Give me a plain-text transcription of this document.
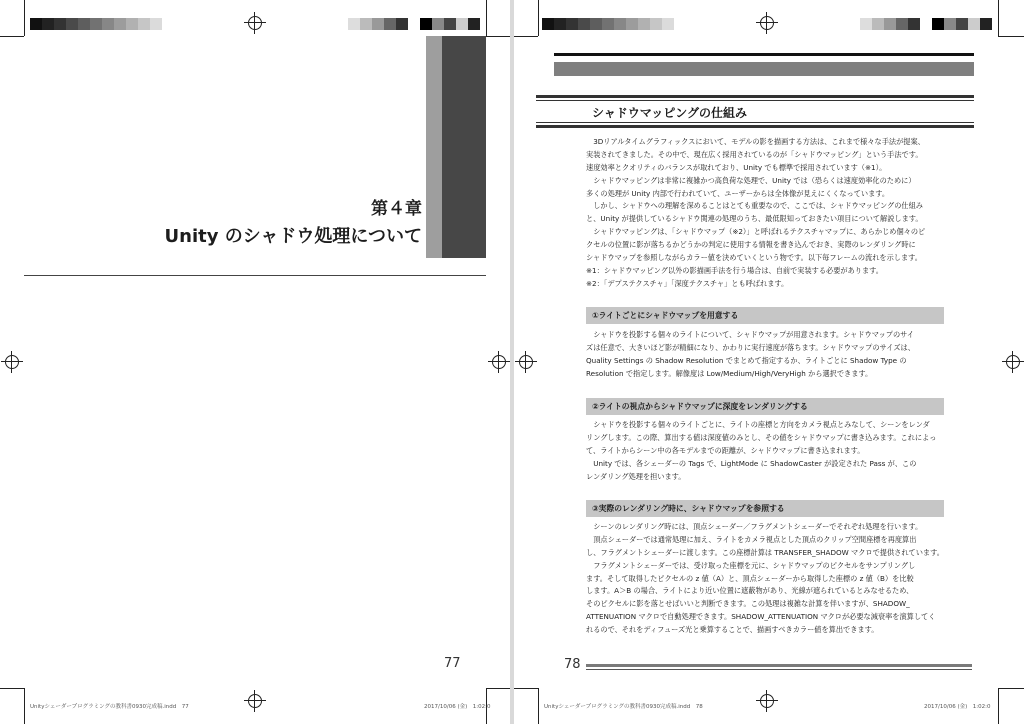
第４章
Unity のシャドウ処理について
77
Unityシェーダープログラミングの教科書0930完成稿.indd　77	2017/10/06 (金)　1:02:0
シャドウマッピングの仕組み

　3Dリアルタイムグラフィックスにおいて、モデルの影を描画する方法は、これまで様々な手法が提案、

実装されてきました。その中で、現在広く採用されているのが「シャドウマッピング」という手法です。

速度効率とクオリティのバランスが取れており、Unity でも標準で採用されています（※1）。

　シャドウマッピングは非常に複雑かつ高負荷な処理で、Unity では（恐らくは速度効率化のために）

多くの処理が Unity 内部で行われていて、ユーザーからは全体像が見えにくくなっています。

　しかし、シャドウへの理解を深めることはとても重要なので、ここでは、シャドウマッピングの仕組み

と、Unity が提供しているシャドウ関連の処理のうち、最低限知っておきたい項目について解説します。

　シャドウマッピングは、「シャドウマップ（※2）」と呼ばれるテクスチャマップに、あらかじめ個々のピ

クセルの位置に影が落ちるかどうかの判定に使用する情報を書き込んでおき、実際のレンダリング時に

シャドウマップを参照しながらカラー値を決めていくという物です。以下毎フレームの流れを示します。

※1：シャドウマッピング以外の影描画手法を行う場合は、自前で実装する必要があります。

※2：「デプステクスチャ」「深度テクスチャ」とも呼ばれます。

①ライトごとにシャドウマップを用意する

　シャドウを投影する個々のライトについて、シャドウマップが用意されます。シャドウマップのサイ

ズは任意で、大きいほど影が精細になり、かわりに実行速度が落ちます。シャドウマップのサイズは、

Quality Settings の Shadow Resolution でまとめて指定するか、ライトごとに Shadow Type の

Resolution で指定します。解像度は Low/Medium/High/VeryHigh から選択できます。

②ライトの視点からシャドウマップに深度をレンダリングする

　シャドウを投影する個々のライトごとに、ライトの座標と方向をカメラ視点とみなして、シーンをレンダ

リングします。この際、算出する値は深度値のみとし、その値をシャドウマップに書き込みます。これによっ

て、ライトからシーン中の各モデルまでの距離が、シャドウマップに書き込まれます。

　Unity では、各シェーダーの Tags で、LightMode に ShadowCaster が設定された Pass が、この

レンダリング処理を担います。

③実際のレンダリング時に、シャドウマップを参照する

　シーンのレンダリング時には、頂点シェーダー／フラグメントシェーダーでそれぞれ処理を行います。

　頂点シェーダーでは通常処理に加え、ライトをカメラ視点とした頂点のクリップ空間座標を再度算出

し、フラグメントシェーダーに渡します。この座標計算は TRANSFER_SHADOW マクロで提供されています。

　フラグメントシェーダーでは、受け取った座標を元に、シャドウマップのピクセルをサンプリングし

ます。そして取得したピクセルの z 値（A）と、頂点シェーダーから取得した座標の z 値（B）を比較

します。A＞B の場合、ライトにより近い位置に遮蔽物があり、光線が遮られているとみなせるため、

そのピクセルに影を落とせばいいと判断できます。この処理は複雑な計算を伴いますが、SHADOW_

ATTENUATION マクロで自動処理できます。SHADOW_ATTENUATION マクロが必要な減衰率を演算してく

れるので、それをディフューズ光と乗算することで、描画すべきカラー値を算出できます。

78
Unityシェーダープログラミングの教科書0930完成稿.indd　78	2017/10/06 (金)　1:02:0
